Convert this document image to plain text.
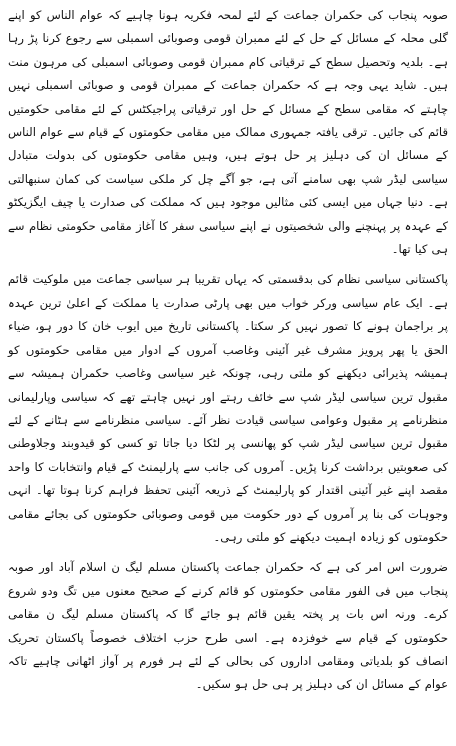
صوبہ پنجاب کی حکمران جماعت کے لئے لمحہ فکریہ ہونا چاہیے کہ عوام الناس کو اپنے گلی محلہ کے مسائل کے حل کے لئے ممبران قومی وصوبائی اسمبلی سے رجوع کرنا پڑ رہا ہے۔ بلدیہ وتحصیل سطح کے ترقیاتی کام ممبران قومی وصوبائی اسمبلی کی مرہون منت ہیں۔ شاید یہی وجہ ہے کہ حکمران جماعت کے ممبران قومی و صوبائی اسمبلی نہیں چاہتے کہ مقامی سطح کے مسائل کے حل اور ترقیاتی پراجیکٹس کے لئے مقامی حکومتیں قائم کی جائیں۔ ترقی یافتہ جمہوری ممالک میں مقامی حکومتوں کے قیام سے عوام الناس کے مسائل ان کی دہلیز پر حل ہوتے ہیں، وہیں مقامی حکومتوں کی بدولت متبادل سیاسی لیڈر شپ بھی سامنے آتی ہے، جو آگے چل کر ملکی سیاست کی کمان سنبھالتی ہے۔ دنیا جہاں میں ایسی کئی مثالیں موجود ہیں کہ مملکت کی صدارت یا چیف ایگزیکٹو کے عہدہ پر پہنچنے والی شخصیتوں نے اپنے سیاسی سفر کا آغاز مقامی حکومتی نظام سے ہی کیا تھا۔

پاکستانی سیاسی نظام کی بدقسمتی کہ یہاں تقریبا ہر سیاسی جماعت میں ملوکیت قائم ہے۔ ایک عام سیاسی ورکر خواب میں بھی پارٹی صدارت یا مملکت کے اعلیٰ ترین عہدہ پر براجمان ہونے کا تصور نہیں کر سکتا۔ پاکستانی تاریخ میں ایوب خان کا دور ہو، ضیاء الحق یا پھر پرویز مشرف غیر آئینی وغاصب آمروں کے ادوار میں مقامی حکومتوں کو ہمیشہ پذیرائی دیکھنے کو ملتی رہی، چونکہ غیر سیاسی وغاصب حکمران ہمیشہ سے مقبول ترین سیاسی لیڈر شپ سے خائف رہتے اور نہیں چاہتے تھے کہ سیاسی وپارلیمانی منظرنامے پر مقبول وعوامی سیاسی قیادت نظر آئے۔ سیاسی منظرنامے سے ہٹانے کے لئے مقبول ترین سیاسی لیڈر شپ کو پھانسی پر لٹکا دیا جاتا تو کسی کو قیدوبند وجلاوطنی کی صعوبتیں برداشت کرنا پڑیں۔ آمروں کی جانب سے پارلیمنٹ کے قیام وانتخابات کا واحد مقصد اپنے غیر آئینی اقتدار کو پارلیمنٹ کے ذریعہ آئینی تحفظ فراہم کرنا ہوتا تھا۔ انہی وجوہات کی بنا پر آمروں کے دور حکومت میں قومی وصوبائی حکومتوں کی بجائے مقامی حکومتوں کو زیادہ اہمیت دیکھنے کو ملتی رہی۔

ضرورت اس امر کی ہے کہ حکمران جماعت پاکستان مسلم لیگ ن اسلام آباد اور صوبہ پنجاب میں فی الفور مقامی حکومتوں کو قائم کرنے کے صحیح معنوں میں تگ ودو شروع کرے۔ ورنہ اس بات پر پختہ یقین قائم ہو جائے گا کہ پاکستان مسلم لیگ ن مقامی حکومتوں کے قیام سے خوفزدہ ہے۔ اسی طرح حزب اختلاف خصوصاً پاکستان تحریک انصاف کو بلدیاتی ومقامی اداروں کی بحالی کے لئے ہر فورم پر آواز اٹھانی چاہیے تاکہ عوام کے مسائل ان کی دہلیز پر ہی حل ہو سکیں۔
